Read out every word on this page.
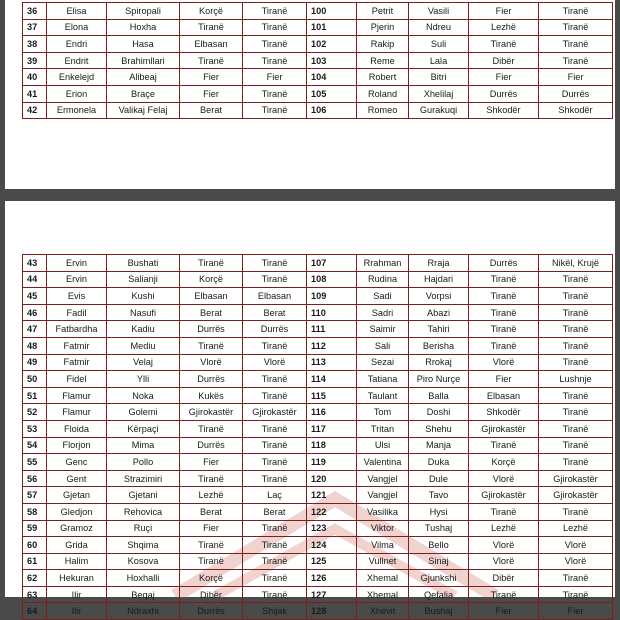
36	Elisa	Spiropali	Korçë	Tiranë	100	Petrit	Vasili	Fier	Tiranë
37	Elona	Hoxha	Tiranë	Tiranë	101	Pjerin	Ndreu	Lezhë	Tiranë
38	Endri	Hasa	Elbasan	Tiranë	102	Rakip	Suli	Tiranë	Tiranë
39	Endrit	Brahimllari	Tiranë	Tiranë	103	Reme	Lala	Dibër	Tiranë
40	Enkelejd	Alibeaj	Fier	Fier	104	Robert	Bitri	Fier	Fier
41	Erion	Braçe	Fier	Tiranë	105	Roland	Xhelilaj	Durrës	Durrës
42	Ermonela	Valikaj Felaj	Berat	Tiranë	106	Romeo	Gurakuqi	Shkodër	Shkodër
43	Ervin	Bushati	Tiranë	Tiranë	107	Rrahman	Rraja	Durrës	Nikël, Krujë
44	Ervin	Salianji	Korçë	Tiranë	108	Rudina	Hajdari	Tiranë	Tiranë
45	Evis	Kushi	Elbasan	Elbasan	109	Sadi	Vorpsi	Tiranë	Tiranë
46	Fadil	Nasufi	Berat	Berat	110	Sadri	Abazi	Tiranë	Tiranë
47	Fatbardha	Kadiu	Durrës	Durrës	111	Saimir	Tahiri	Tiranë	Tiranë
48	Fatmir	Mediu	Tiranë	Tiranë	112	Sali	Berisha	Tiranë	Tiranë
49	Fatmir	Velaj	Vlorë	Vlorë	113	Sezai	Rrokaj	Vlorë	Tiranë
50	Fidel	Ylli	Durrës	Tiranë	114	Tatiana	Piro Nurçe	Fier	Lushnje
51	Flamur	Noka	Kukës	Tiranë	115	Taulant	Balla	Elbasan	Tiranë
52	Flamur	Golemi	Gjirokastër	Gjirokastër	116	Tom	Doshi	Shkodër	Tiranë
53	Floida	Kërpaçi	Tiranë	Tiranë	117	Tritan	Shehu	Gjirokastër	Tiranë
54	Florjon	Mima	Durrës	Tiranë	118	Ulsi	Manja	Tiranë	Tiranë
55	Genc	Pollo	Fier	Tiranë	119	Valentina	Duka	Korçë	Tiranë
56	Gent	Strazimiri	Tiranë	Tiranë	120	Vangjel	Dule	Vlorë	Gjirokastër
57	Gjetan	Gjetani	Lezhë	Laç	121	Vangjel	Tavo	Gjirokastër	Gjirokastër
58	Gledjon	Rehovica	Berat	Berat	122	Vasilika	Hysi	Tiranë	Tiranë
59	Gramoz	Ruçi	Fier	Tiranë	123	Viktor	Tushaj	Lezhë	Lezhë
60	Grida	Shqima	Tiranë	Tiranë	124	Vilma	Bello	Vlorë	Vlorë
61	Halim	Kosova	Tiranë	Tiranë	125	Vullnet	Sinaj	Vlorë	Vlorë
62	Hekuran	Hoxhalli	Korçë	Tiranë	126	Xhemal	Gjunkshi	Dibër	Tiranë
63	Ilir	Beqaj	Dibër	Tiranë	127	Xhemal	Qefalia	Tiranë	Tiranë
64	Ilir	Ndraxhi	Durrës	Shijak	128	Xhevit	Bushaj	Fier	Fier
